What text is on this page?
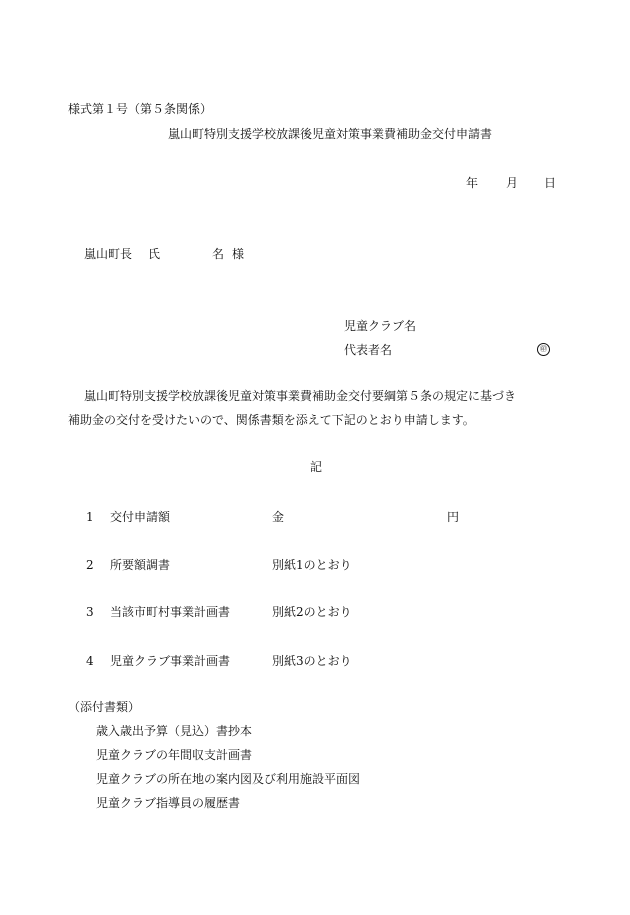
様式第１号（第５条関係）
嵐山町特別支援学校放課後児童対策事業費補助金交付申請書
年 月 日
嵐山町長 氏	名 様
児童クラブ名
代表者名	㊞
嵐山町特別支援学校放課後児童対策事業費補助金交付要綱第５条の規定に基づき
補助金の交付を受けたいので、関係書類を添えて下記のとおり申請します。
記
1 交付申請額	金	円
2 所要額調書	別紙1のとおり
3 当該市町村事業計画書	別紙2のとおり
4 児童クラブ事業計画書	別紙3のとおり
（添付書類）
歳入歳出予算（見込）書抄本
児童クラブの年間収支計画書
児童クラブの所在地の案内図及び利用施設平面図
児童クラブ指導員の履歴書
